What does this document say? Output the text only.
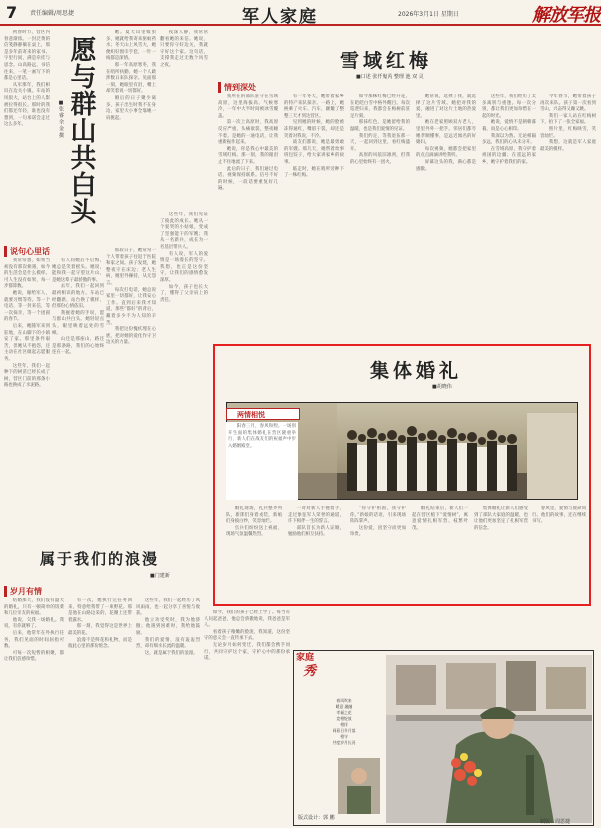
7 责任编辑/周思捷	军人家庭	2026年3月1日 星期日	解放军报
愿与群山共白头
■张 睿 余 金 撰

初春时节，营区内春意渐浓。一封泛黄的信笺静静躺在桌上，那是多年前寄来的家书。字里行间，满是牵挂与思念。山高路远，书信往来，一笔一画写下的都是心里话。

从军那年，我们相识在边关小镇。车站的风很大，站台上的人影被拉得很长。那时的我们都还年轻，谁也没有想到，一句承诺会走过这么多年。

她。夏天山里蚊虫多，她就给我寄来驱蚊药水；冬天山上风雪大，她便织好围巾手套，一针一线都是深情。

那一年高原寒冬，我在哨所执勤，她一个人跋涉数日来队探亲。见面那一刻，她眼里有泪，嘴上却笑着说一切都好。

婚后的日子聚少离多，孩子出生时我不在身边，家里大小事全靠她一肩挑起。

夜深人静，我常常翻看她的来信。她说，只要你守好边关，我就守好这个家。这句话，支撑我走过无数个风雪之夜。

说句心里话

我常常想，如果当初没有那次相遇，如今的生活会是什么模样。可人生没有如果，每一步都算数。

她说，嫁给军人，就要习惯等待。等一个电话，等一封来信，等一次探亲，等一个团圆的春节。

后来，她随军来到驻地，在山脚下的小镇安了家。那里条件艰苦，但她从不抱怨，还主动在社区做起志愿服务。

这些年，我们一起种下的树苗已经长成了树，营区门前的那条小路也换成了水泥路。

有人问她后不后悔，她总是笑着摇头。她说，能和我一起守望这片山，是她这辈子最骄傲的事。

去年，我们一起回到最初相识的地方。车站已经翻新，站台换了模样，但那份心情依旧。

我握着她的手说，愿与群山共白头。她轻轻点头，眼里映着远处的雪峰。

山还是那座山，路还是那条路，我们的心始终连在一起。

那段日子，她常常一个人带着孩子往返于医院和家之间。孩子发烧，她整夜守在床边；老人生病，她里外操持，从无怨言。

每次打电话，她总说家里一切都好，让我安心工作。直到后来我才知道，那些“都好”的背后，藏着多少不为人知的辛苦。

我把这份愧疚埋在心底，把对她的爱化作守卫边关的力量。

这些年，我们见证了彼此的成长。她从一个爱哭的小姑娘，变成了坚强能干的军嫂；我从一名新兵，成长为一名基层带兵人。

有人说，军人的爱情是一场漫长的坚守。我想，也正是这份坚守，让我们的感情愈发深厚。

如今，孩子也长大了，懂得了父亲肩上的责任。

雪域红梅
■口述 张仟嵬芮 整理 池 双 灵
情到深处

我所在的部队驻守在雪域高原，这里海拔高、气候寒冷，一年中大半时间被冰雪覆盖。

第一次上高原时，我高原反应严重，头痛欲裂，整夜睡不着。是她的一通电话，让我重新振作起来。

她说，你是我心中最美的雪域红梅。那一刻，我的眼泪止不住地流了下来。

此后的日子，我们通过电话、视频保持联系。信号不好的时候，一段话要重复好几遍。

有一年冬天，她带着家乡的特产来队探亲。一路上，她换乘了火车、汽车，颠簸了整整三天才到达营区。

见到她的时候，她的脸被冻得通红，嘴唇干裂，却还是笑着对我说，不冷。

战友们都说，她是最勇敢的军嫂。那几天，她帮着炊事班包饺子，给大家讲家乡的故事。

临走时，她在哨所旁种下了一株红梅。

如今那株红梅已经开花，在皑皑白雪中格外醒目。每次巡逻归来，我都会在梅树前驻足片刻。

那抹红色，是她留给我的温暖，也是我们爱情的见证。

我们约定，等我退伍那一天，一起回到这里，看红梅盛开。

高原的风依旧凛冽，但我的心里始终有一团火。

她常说，选择了我，就选择了这片雪域。她把对我的爱，融进了对这片土地的热爱里。

她在老家照顾双方老人，里里外外一把手。邻居们都夸她孝顺懂事，是远近闻名的好媳妇。

每次视频，她都会把家里的点点滴滴讲给我听。

屏幕这头的我，满心都是感激。

这些年，我们经历了太多离别与重逢。每一次分别，都让我们更加珍惜在一起的时光。

她说，爱情不是朝朝暮暮，而是心心相印。

我深以为然。无论相隔多远，我们的心从未分开。

在雪域高原，我守护着祖国的边疆；在遥远的家乡，她守护着我们的家。

今年春节，她带着孩子再次来队。孩子第一次看到雪山，兴奋得又蹦又跳。

我们一家人站在红梅树下，拍下了一张全家福。

照片里，红梅映雪，笑容灿烂。

我想，这就是军人家庭最美的模样。

集体婚礼
■胡晓伟
两情相悦

阳春三月，春风和煦。一场别开生面的集体婚礼在营区隆重举行，新人们在战友们的祝福声中步入婚姻殿堂。

婚礼现场，礼兵整齐列队，新郎们身着戎装，新娘们身披白纱，笑容灿烂。

官兵们纷纷送上祝福，现场气氛温馨热烈。

一对对新人手挽着手，走过象征军人荣誉的通道，许下相伴一生的誓言。

部队首长为新人证婚，勉励他们相互扶持。

“你守护祖国，我守护你。”新娘的话语，引来现场阵阵掌声。

这份爱，因坚守而更加珍贵。

婚礼结束后，新人们一起在营区植下“爱情树”，寓意爱情扎根军营、枝繁叶茂。

集体婚礼让新人们感受到了部队大家庭的温暖，也让他们更加坚定了扎根军营的信念。

春风里，爱情与使命同行。他们的故事，还在继续书写。

属于我们的浪漫
■门建新
岁月有情

结婚那天，我们没有盛大的婚礼，只有一顿简单的饭菜和几位亲友的祝福。

他说，欠我一场婚礼。我说，有你就够了。

后来，他常年在外执行任务，我们见面的时间屈指可数。

可每一次短暂的相聚，都让我们倍感珍惜。

有一次，他执行完任务回来，特意给我带了一束野花。那是他在山路边采的，花瓣上还带着露水。

那一刻，我觉得这是世界上最美的花。

浪漫不是鲜花和礼物，而是彼此心里的那份惦念。

这些年，我们一起经历了风风雨雨，也一起分享了喜悦与收获。

他立功受奖时，我为他骄傲；他遇到困难时，我给他鼓励。

我们的爱情，没有轰轰烈烈，却有细水长流的温暖。

这，就是属于我们的浪漫。

如今，我们的孩子已经上学了。每当有人问起爸爸，他总会骄傲地说，我爸爸是军人。

看着孩子稚嫩的脸庞，我知道，这份坚守的意义会一直传承下去。

无论岁月如何变迁，我们都会携手同行，共同守护这个家，守护心中的那份承诺。	家庭
秀
春风吹来
暖意 融融
幸福之花
竞相绽放
相伴
同看日升月落
相守
共度岁月长河
版式设计：郭 鹏
制版：周思捷
